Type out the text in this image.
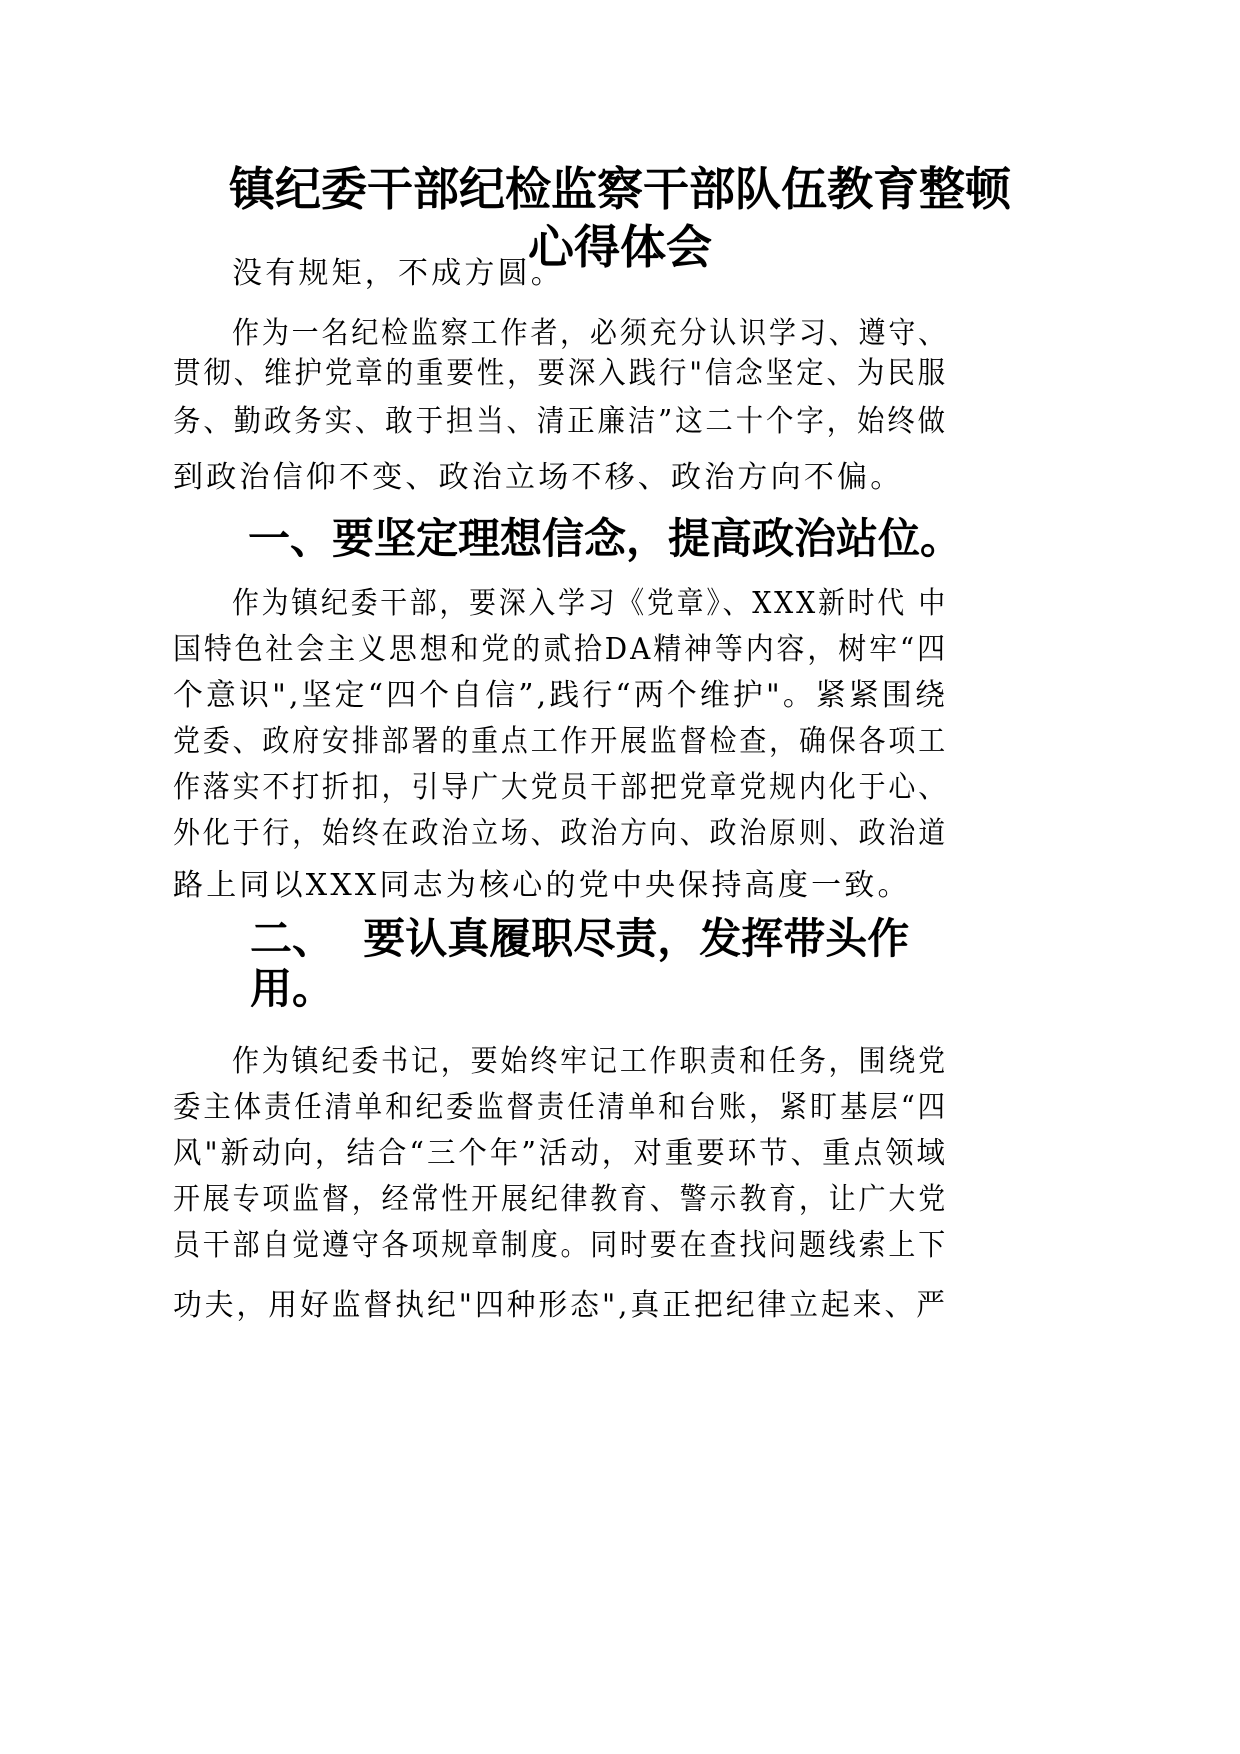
镇纪委干部纪检监察干部队伍教育整顿
心得体会
没有规矩，不成方圆。
作为一名纪检监察工作者，必须充分认识学习、遵守、
贯彻、维护党章的重要性，要深入践行"信念坚定、为民服
务、勤政务实、敢于担当、清正廉洁”这二十个字，始终做
到政治信仰不变、政治立场不移、政治方向不偏。
一、要坚定理想信念，提高政治站位。
作为镇纪委干部，要深入学习《党章》、XXX新时代 中
国特色社会主义思想和党的贰拾DA精神等内容，树牢“四
个意识",坚定“四个自信”,践行“两个维护"。紧紧围绕
党委、政府安排部署的重点工作开展监督检查，确保各项工
作落实不打折扣，引导广大党员干部把党章党规内化于心、
外化于行，始终在政治立场、政治方向、政治原则、政治道
路上同以XXX同志为核心的党中央保持高度一致。
二、  要认真履职尽责，发挥带头作
用。
作为镇纪委书记，要始终牢记工作职责和任务，围绕党
委主体责任清单和纪委监督责任清单和台账，紧盯基层“四
风"新动向，结合“三个年”活动，对重要环节、重点领域
开展专项监督，经常性开展纪律教育、警示教育，让广大党
员干部自觉遵守各项规章制度。同时要在查找问题线索上下
功夫，用好监督执纪"四种形态",真正把纪律立起来、严
